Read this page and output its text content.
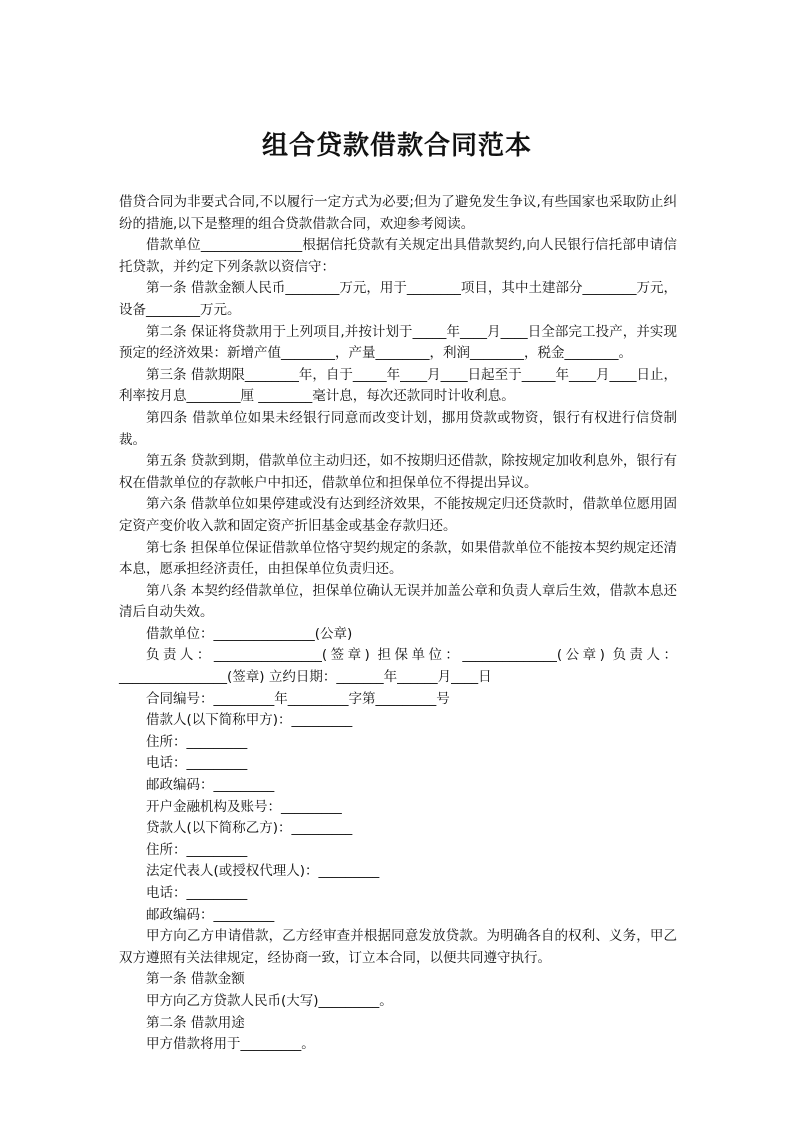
组合贷款借款合同范本

借贷合同为非要式合同,不以履行一定方式为必要;但为了避免发生争议,有些国家也采取防止纠纷的措施,以下是整理的组合贷款借款合同，欢迎参考阅读。

借款单位_______________根据信托贷款有关规定出具借款契约,向人民银行信托部申请信托贷款，并约定下列条款以资信守：

第一条 借款金额人民币________万元，用于________项目，其中土建部分________万元，设备________万元。

第二条 保证将贷款用于上列项目,并按计划于_____年____月____日全部完工投产，并实现预定的经济效果：新增产值________，产量________，利润________，税金________。

第三条 借款期限________年，自于_____年____月____日起至于_____年____月____日止，利率按月息________厘 ________毫计息，每次还款同时计收利息。

第四条 借款单位如果未经银行同意而改变计划，挪用贷款或物资，银行有权进行信贷制裁。

第五条 贷款到期，借款单位主动归还，如不按期归还借款，除按规定加收利息外，银行有权在借款单位的存款帐户中扣还，借款单位和担保单位不得提出异议。

第六条 借款单位如果停建或没有达到经济效果，不能按规定归还贷款时，借款单位愿用固定资产变价收入款和固定资产折旧基金或基金存款归还。

第七条 担保单位保证借款单位恪守契约规定的条款，如果借款单位不能按本契约规定还清本息，愿承担经济责任，由担保单位负责归还。

第八条 本契约经借款单位，担保单位确认无误并加盖公章和负责人章后生效，借款本息还清后自动失效。

借款单位：_______________(公章)

负责人：________________(签章) 担保单位：______________(公章) 负责人：________________(签章) 立约日期：_______年______月____日

合同编号：_________年_________字第_________号

借款人(以下简称甲方)：_________

住所：_________

电话：_________

邮政编码：_________

开户金融机构及账号：_________

贷款人(以下简称乙方)：_________

住所：_________

法定代表人(或授权代理人)：_________

电话：_________

邮政编码：_________

甲方向乙方申请借款，乙方经审查并根据同意发放贷款。为明确各自的权利、义务，甲乙双方遵照有关法律规定，经协商一致，订立本合同，以便共同遵守执行。

第一条 借款金额

甲方向乙方贷款人民币(大写)_________。

第二条 借款用途

甲方借款将用于_________。
